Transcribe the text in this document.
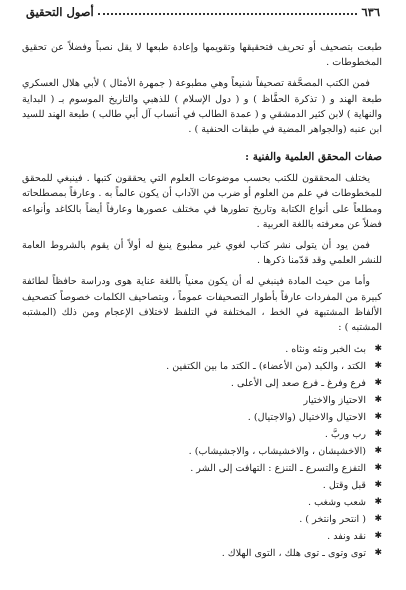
٦٣٦
أصول التحقيق

طبعت بتصحيف أو تحريف فتحقيقها وتقويمها وإعادة طبعها لا يقل نصباً وفضلاً عن تحقيق المخطوطات .

فمن الكتب المصحَّفة تصحيفاً شنيعاً وهي مطبوعة ( جمهرة الأمثال ) لأبي هلال العسكري طبعة الهند و ( تذكرة الحفَّاظ ) و ( دول الإسلام ) للذهبي والتاريخ الموسوم بـ ( البداية والنهاية ) لابن كثير الدمشقي و ( عمدة الطالب في أنساب آل أبي طالب ) طبعة الهند للسيد ابن عنبه (والجواهر المضية في طبقات الحنفية ) .

صفات المحقق العلمية والفنية :

يختلف المحققون للكتب بحسب موضوعات العلوم التي يحققون كتبها . فينبغي للمحقق للمخطوطات في علم من العلوم أو ضرب من الآداب أن يكون عالماً به . وعارفاً بمصطلحاته ومطلعاً على أنواع الكتابة وتاريخ تطورها في مختلف عصورها وعارفاً أيضاً بالكاغد وأنواعه فضلاً عن معرفته باللغة العربية .

فمن يود أن يتولى نشر كتاب لغوي غير مطبوع ينبغ له أولاً أن يقوم بالشروط العامة للنشر العلمي وقد قدّمنا ذكرها .

وأما من حيث المادة فينبغي له أن يكون معنياً باللغة عناية هوى ودراسة حافظاً لطائفة كبيرة من المفردات عارفاً بأطوار التصحيفات عموماً ، وبتصاحيف الكلمات خصوصاً كتصحيف الألفاظ المشتبهة في الخط ، المختلفة في التلفظ لاختلاف الإعجام ومن ذلك (المشتبه المشتبه ) :

✱
بث الخبر ونثه ونثاه .
✱
الكتد ، والكبد (من الأعضاء) ـ الكتد ما بين الكتفين .
✱
فرع وفرغ ـ فرع صعد إلى الأعلى .
✱
الاحتياز والاختيار
✱
الاحتيال والاختيال (والاجتيال) .
✱
رب وربَّ .
✱
(الاخشيشان ، والاخشيشاب ، والاجشيشاب) .
✱
التفزع والتسرع ـ التنزع : التهافت إلى الشر .
✱
قبل وقتل .
✱
شعب وشغب .
✱
( انتحر وانتخر ) .
✱
نقد ونفد .
✱
توى وتوى ـ توى هلك ، التوى الهلاك .
